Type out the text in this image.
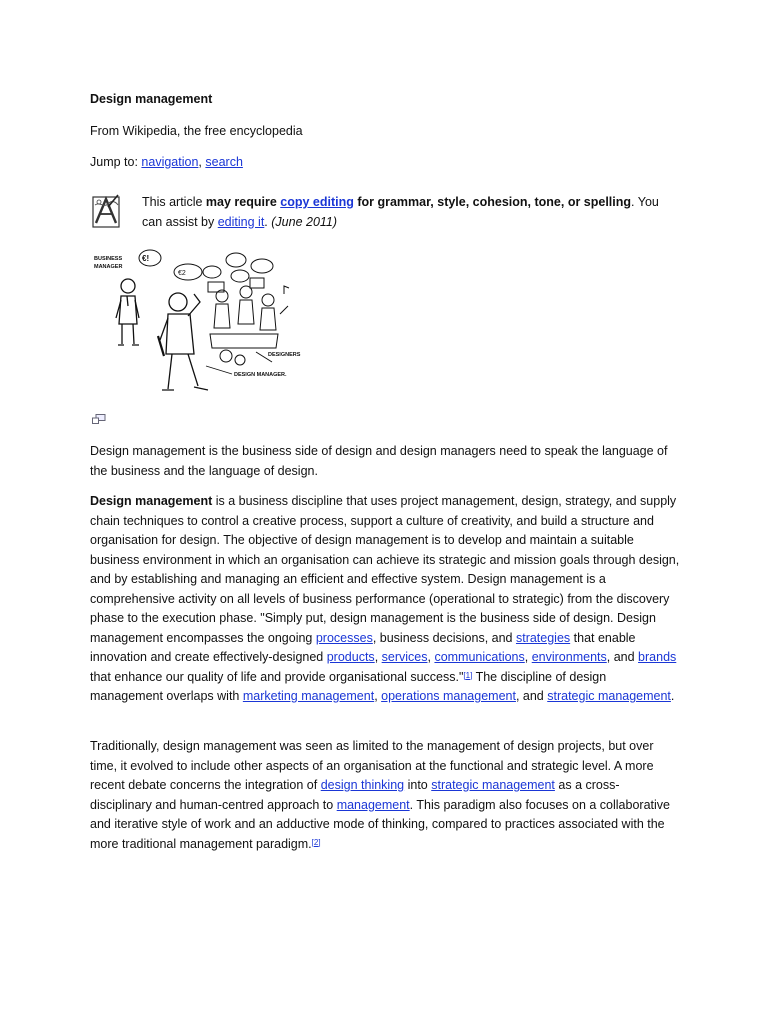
Design management
From Wikipedia, the free encyclopedia
Jump to: navigation, search
This article may require copy editing for grammar, style, cohesion, tone, or spelling. You can assist by editing it. (June 2011)
BUSINESS
MANAGER
€!
€2
DESIGNERS
DESIGN MANAGER.

Design management is the business side of design and design managers need to speak the language of the business and the language of design.

Design management is a business discipline that uses project management, design, strategy, and supply chain techniques to control a creative process, support a culture of creativity, and build a structure and organisation for design. The objective of design management is to develop and maintain a suitable business environment in which an organisation can achieve its strategic and mission goals through design, and by establishing and managing an efficient and effective system. Design management is a comprehensive activity on all levels of business performance (operational to strategic) from the discovery phase to the execution phase. "Simply put, design management is the business side of design. Design management encompasses the ongoing processes, business decisions, and strategies that enable innovation and create effectively-designed products, services, communications, environments, and brands that enhance our quality of life and provide organisational success."[1] The discipline of design management overlaps with marketing management, operations management, and strategic management.

Traditionally, design management was seen as limited to the management of design projects, but over time, it evolved to include other aspects of an organisation at the functional and strategic level. A more recent debate concerns the integration of design thinking into strategic management as a cross-disciplinary and human-centred approach to management. This paradigm also focuses on a collaborative and iterative style of work and an adductive mode of thinking, compared to practices associated with the more traditional management paradigm.[2]
